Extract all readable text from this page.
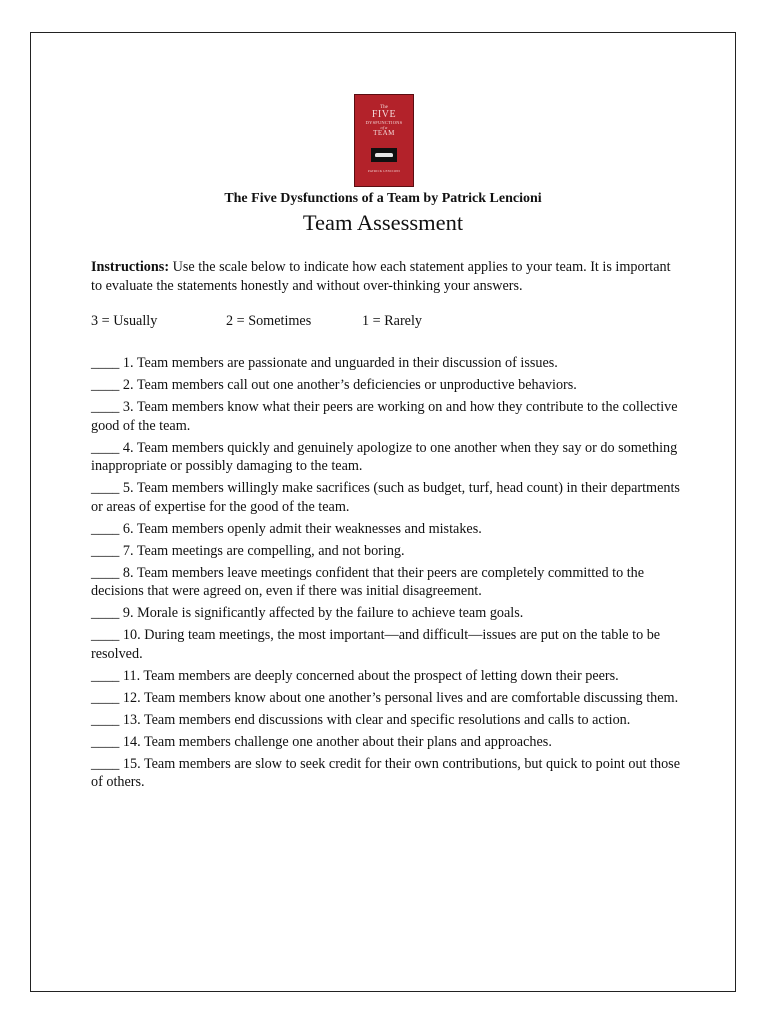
The
FIVE
DYSFUNCTIONS
of a
TEAM

PATRICK LENCIONI

The Five Dysfunctions of a Team by Patrick Lencioni
Team Assessment
Instructions: Use the scale below to indicate how each statement applies to your team. It is important to evaluate the statements honestly and without over-thinking your answers.
3 = Usually	2 = Sometimes	1 = Rarely
____ 1. Team members are passionate and unguarded in their discussion of issues.
____ 2. Team members call out one another’s deficiencies or unproductive behaviors.
____ 3. Team members know what their peers are working on and how they contribute to the collective good of the team.
____ 4. Team members quickly and genuinely apologize to one another when they say or do something inappropriate or possibly damaging to the team.
____ 5. Team members willingly make sacrifices (such as budget, turf, head count) in their departments or areas of expertise for the good of the team.
____ 6. Team members openly admit their weaknesses and mistakes.
____ 7. Team meetings are compelling, and not boring.
____ 8. Team members leave meetings confident that their peers are completely committed to the decisions that were agreed on, even if there was initial disagreement.
____ 9. Morale is significantly affected by the failure to achieve team goals.
____ 10. During team meetings, the most important—and difficult—issues are put on the table to be resolved.
____ 11. Team members are deeply concerned about the prospect of letting down their peers.
____ 12. Team members know about one another’s personal lives and are comfortable discussing them.
____ 13. Team members end discussions with clear and specific resolutions and calls to action.
____ 14. Team members challenge one another about their plans and approaches.
____ 15. Team members are slow to seek credit for their own contributions, but quick to point out those of others.
